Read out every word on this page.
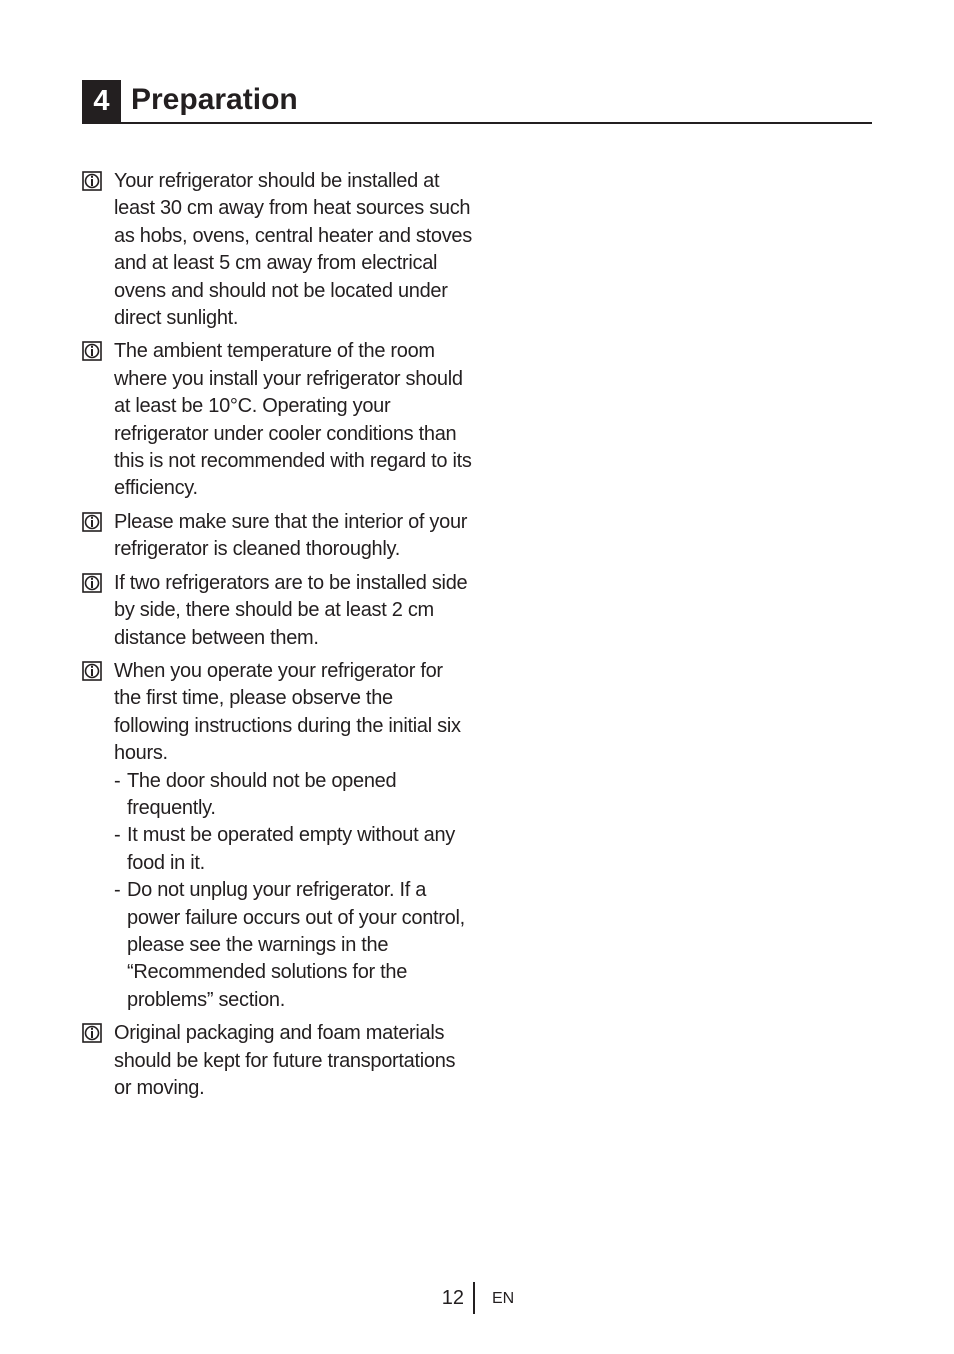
4 Preparation
Your refrigerator should be installed at least 30 cm away from heat sources such as hobs, ovens, central heater and stoves and at least 5 cm away from electrical ovens and should not be located under direct sunlight.
The ambient temperature of the room where you install your refrigerator should at least be 10°C. Operating your refrigerator under cooler conditions than this is not recommended with regard to its efficiency.
Please make sure that the interior of your refrigerator is cleaned thoroughly.
If two refrigerators are to be installed side by side, there should be at least 2 cm distance between them.
When you operate your refrigerator for the first time, please observe the following instructions during the initial six hours.
- The door should not be opened frequently.
- It must be operated empty without any food in it.
- Do not unplug your refrigerator. If a power failure occurs out of your control, please see the warnings in the “Recommended solutions for the problems” section.
Original packaging and foam materials should be kept for future transportations or moving.
12 EN
